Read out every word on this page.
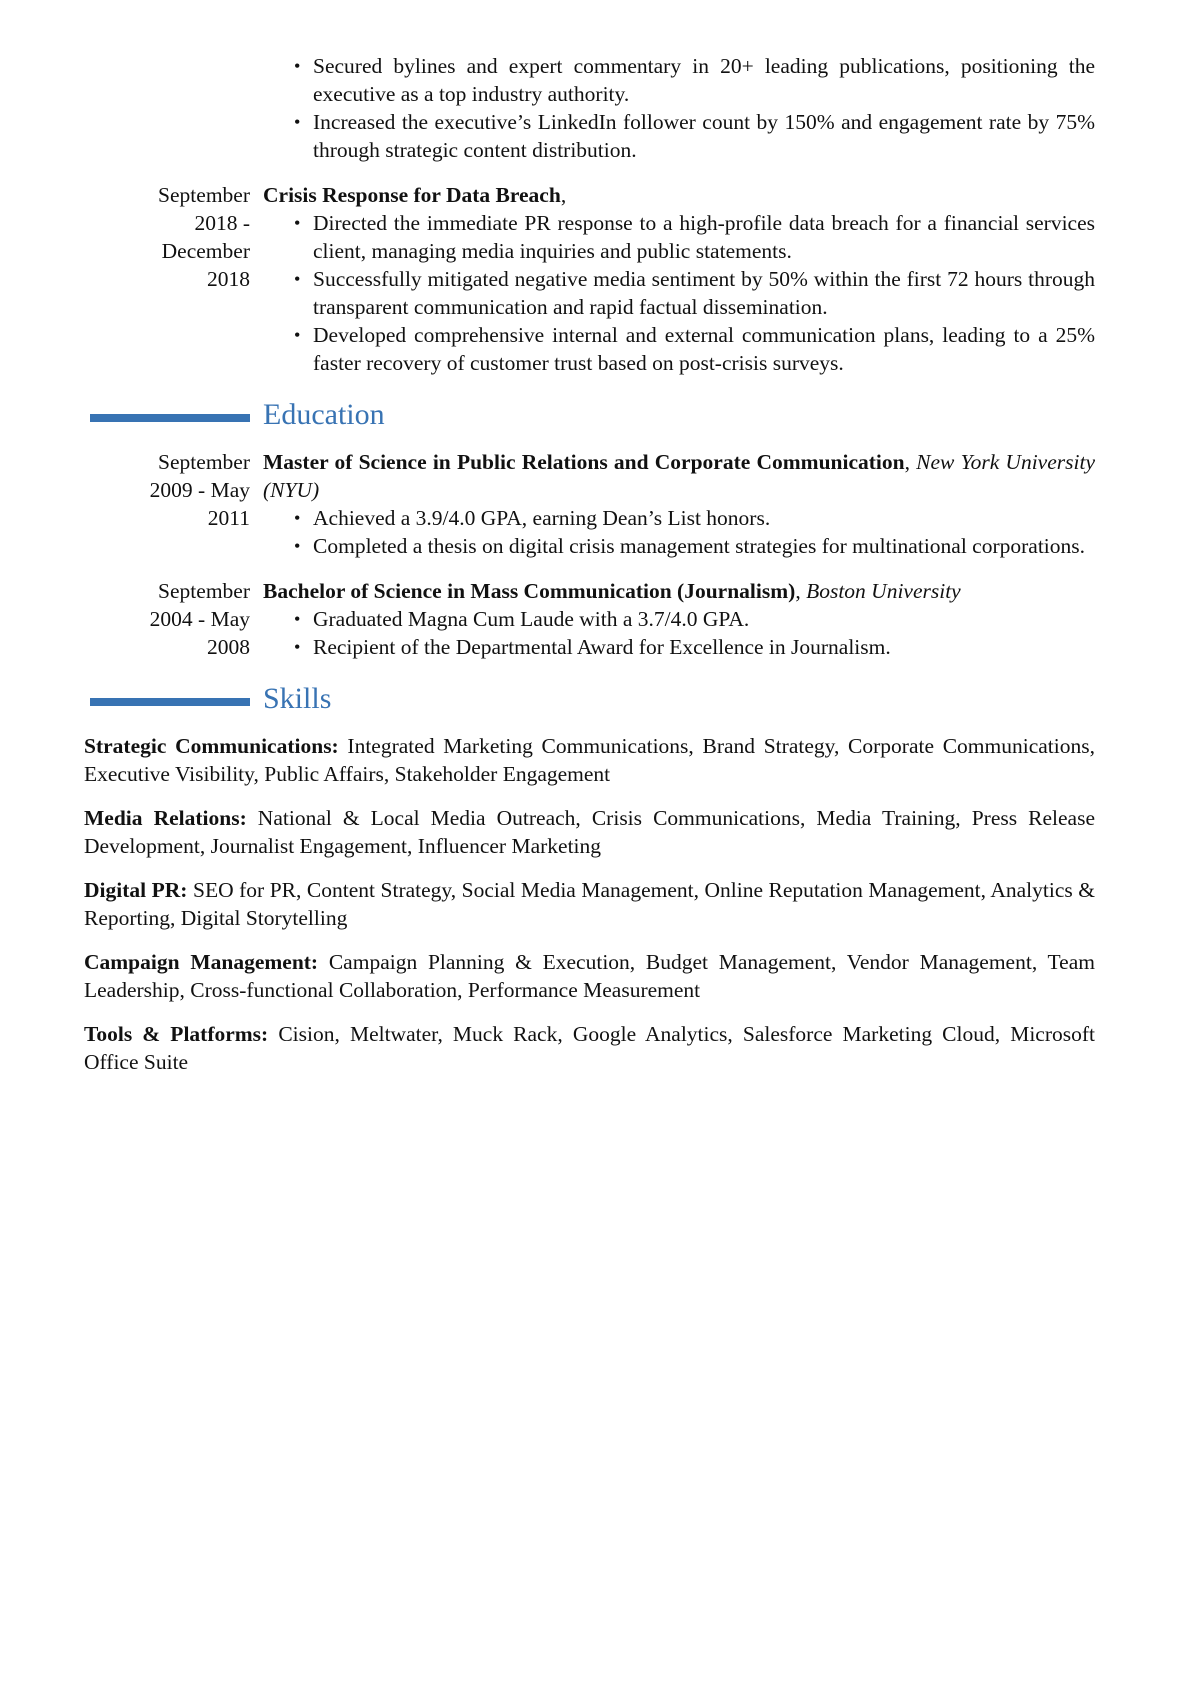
• Secured bylines and expert commentary in 20+ leading publications, positioning the executive as a top industry authority.
• Increased the executive’s LinkedIn follower count by 150% and engagement rate by 75% through strategic content distribution.
September 2018 - December 2018
Crisis Response for Data Breach,
• Directed the immediate PR response to a high-profile data breach for a financial services client, managing media inquiries and public statements.
• Successfully mitigated negative media sentiment by 50% within the first 72 hours through transparent communication and rapid factual dissemination.
• Developed comprehensive internal and external communication plans, leading to a 25% faster recovery of customer trust based on post-crisis surveys.
Education
September 2009 - May 2011
Master of Science in Public Relations and Corporate Communication, New York University (NYU)
• Achieved a 3.9/4.0 GPA, earning Dean’s List honors.
• Completed a thesis on digital crisis management strategies for multinational corporations.
September 2004 - May 2008
Bachelor of Science in Mass Communication (Journalism), Boston University
• Graduated Magna Cum Laude with a 3.7/4.0 GPA.
• Recipient of the Departmental Award for Excellence in Journalism.
Skills

Strategic Communications: Integrated Marketing Communications, Brand Strategy, Corporate Communications, Executive Visibility, Public Affairs, Stakeholder Engagement

Media Relations: National & Local Media Outreach, Crisis Communications, Media Training, Press Release Development, Journalist Engagement, Influencer Marketing

Digital PR: SEO for PR, Content Strategy, Social Media Management, Online Reputation Management, Analytics & Reporting, Digital Storytelling

Campaign Management: Campaign Planning & Execution, Budget Management, Vendor Management, Team Leadership, Cross-functional Collaboration, Performance Measurement

Tools & Platforms: Cision, Meltwater, Muck Rack, Google Analytics, Salesforce Marketing Cloud, Microsoft Office Suite
